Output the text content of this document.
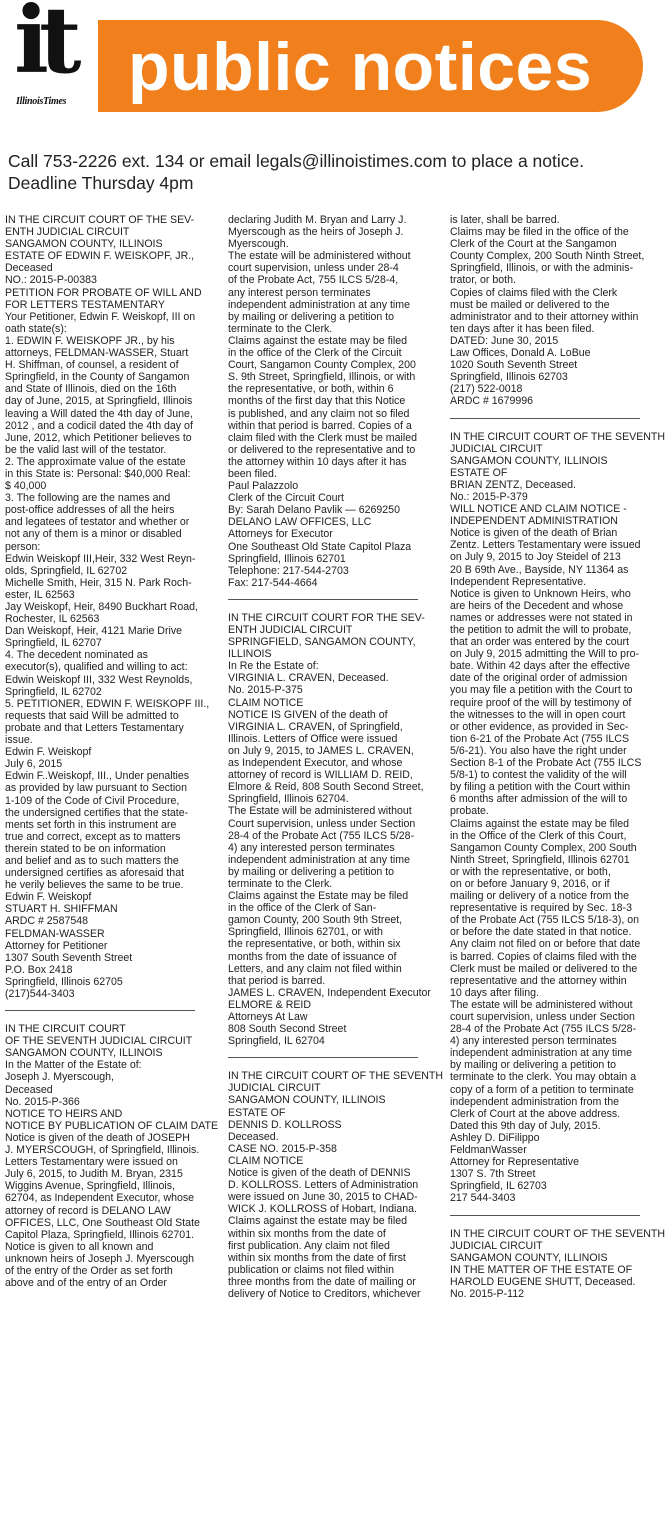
it
IllinoisTimes public notices
Call 753-2226 ext. 134 or email legals@illinoistimes.com to place a notice.
Deadline Thursday 4pm
IN THE CIRCUIT COURT OF THE SEV-
ENTH JUDICIAL CIRCUIT
SANGAMON COUNTY, ILLINOIS
ESTATE OF EDWIN F. WEISKOPF, JR.,
Deceased
NO.: 2015-P-00383
PETITION FOR PROBATE OF WILL AND
FOR LETTERS TESTAMENTARY
Your Petitioner, Edwin F. Weiskopf, III on
oath state(s):
1. EDWIN F. WEISKOPF JR., by his
attorneys, FELDMAN-WASSER, Stuart
H. Shiffman, of counsel, a resident of
Springfield, in the County of Sangamon
and State of Illinois, died on the 16th
day of June, 2015, at Springfield, Illinois
leaving a Will dated the 4th day of June,
2012 , and a codicil dated the 4th day of
June, 2012, which Petitioner believes to
be the valid last will of the testator.
2. The approximate value of the estate
in this State is: Personal: $40,000 Real:
$ 40,000
3. The following are the names and
post-office addresses of all the heirs
and legatees of testator and whether or
not any of them is a minor or disabled
person:
Edwin Weiskopf III,Heir, 332 West Reyn-
olds, Springfield, IL 62702
Michelle Smith, Heir, 315 N. Park Roch-
ester, IL 62563
Jay Weiskopf, Heir, 8490 Buckhart Road,
Rochester, IL 62563
Dan Weiskopf, Heir, 4121 Marie Drive
Springfield, IL 62707
4. The decedent nominated as
executor(s), qualified and willing to act:
Edwin Weiskopf III, 332 West Reynolds,
Springfield, IL 62702
5. PETITIONER, EDWIN F. WEISKOPF III.,
requests that said Will be admitted to
probate and that Letters Testamentary
issue.
Edwin F. Weiskopf
July 6, 2015
Edwin F..Weiskopf, III., Under penalties
as provided by law pursuant to Section
1-109 of the Code of Civil Procedure,
the undersigned certifies that the state-
ments set forth in this instrument are
true and correct, except as to matters
therein stated to be on information
and belief and as to such matters the
undersigned certifies as aforesaid that
he verily believes the same to be true.
Edwin F. Weiskopf
STUART H. SHIFFMAN
ARDC # 2587548
FELDMAN-WASSER
Attorney for Petitioner
1307 South Seventh Street
P.O. Box 2418
Springfield, Illinois 62705
(217)544-3403
IN THE CIRCUIT COURT
OF THE SEVENTH JUDICIAL CIRCUIT
SANGAMON COUNTY, ILLINOIS
In the Matter of the Estate of:
Joseph J. Myerscough,
Deceased
No. 2015-P-366
NOTICE TO HEIRS AND
NOTICE BY PUBLICATION OF CLAIM DATE
Notice is given of the death of JOSEPH
J. MYERSCOUGH, of Springfield, Illinois.
Letters Testamentary were issued on
July 6, 2015, to Judith M. Bryan, 2315
Wiggins Avenue, Springfield, Illinois,
62704, as Independent Executor, whose
attorney of record is DELANO LAW
OFFICES, LLC, One Southeast Old State
Capitol Plaza, Springfield, Illinois 62701.
Notice is given to all known and
unknown heirs of Joseph J. Myerscough
of the entry of the Order as set forth
above and of the entry of an Order
declaring Judith M. Bryan and Larry J.
Myerscough as the heirs of Joseph J.
Myerscough.
The estate will be administered without
court supervision, unless under 28-4
of the Probate Act, 755 ILCS 5/28-4,
any interest person terminates
independent administration at any time
by mailing or delivering a petition to
terminate to the Clerk.
Claims against the estate may be filed
in the office of the Clerk of the Circuit
Court, Sangamon County Complex, 200
S. 9th Street, Springfield, Illinois, or with
the representative, or both, within 6
months of the first day that this Notice
is published, and any claim not so filed
within that period is barred. Copies of a
claim filed with the Clerk must be mailed
or delivered to the representative and to
the attorney within 10 days after it has
been filed.
Paul Palazzolo
Clerk of the Circuit Court
By: Sarah Delano Pavlik — 6269250
DELANO LAW OFFICES, LLC
Attorneys for Executor
One Southeast Old State Capitol Plaza
Springfield, Illinois 62701
Telephone: 217-544-2703
Fax: 217-544-4664
IN THE CIRCUIT COURT FOR THE SEV-
ENTH JUDICIAL CIRCUIT
SPRINGFIELD, SANGAMON COUNTY,
ILLINOIS
In Re the Estate of:
VIRGINIA L. CRAVEN, Deceased.
No. 2015-P-375
CLAIM NOTICE
NOTICE IS GIVEN of the death of
VIRGINIA L. CRAVEN, of Springfield,
Illinois. Letters of Office were issued
on July 9, 2015, to JAMES L. CRAVEN,
as Independent Executor, and whose
attorney of record is WILLIAM D. REID,
Elmore & Reid, 808 South Second Street,
Springfield, Illinois 62704.
The Estate will be administered without
Court supervision, unless under Section
28-4 of the Probate Act (755 ILCS 5/28-
4) any interested person terminates
independent administration at any time
by mailing or delivering a petition to
terminate to the Clerk.
Claims against the Estate may be filed
in the office of the Clerk of San-
gamon County, 200 South 9th Street,
Springfield, Illinois 62701, or with
the representative, or both, within six
months from the date of issuance of
Letters, and any claim not filed within
that period is barred.
JAMES L. CRAVEN, Independent Executor
ELMORE & REID
Attorneys At Law
808 South Second Street
Springfield, IL 62704
IN THE CIRCUIT COURT OF THE SEVENTH
JUDICIAL CIRCUIT
SANGAMON COUNTY, ILLINOIS
ESTATE OF
DENNIS D. KOLLROSS
Deceased.
CASE NO. 2015-P-358
CLAIM NOTICE
Notice is given of the death of DENNIS
D. KOLLROSS. Letters of Administration
were issued on June 30, 2015 to CHAD-
WICK J. KOLLROSS of Hobart, Indiana.
Claims against the estate may be filed
within six months from the date of
first publication. Any claim not filed
within six months from the date of first
publication or claims not filed within
three months from the date of mailing or
delivery of Notice to Creditors, whichever
is later, shall be barred.
Claims may be filed in the office of the
Clerk of the Court at the Sangamon
County Complex, 200 South Ninth Street,
Springfield, Illinois, or with the adminis-
trator, or both.
Copies of claims filed with the Clerk
must be mailed or delivered to the
administrator and to their attorney within
ten days after it has been filed.
DATED: June 30, 2015
Law Offices, Donald A. LoBue
1020 South Seventh Street
Springfield, Illinois 62703
(217) 522-0018
ARDC # 1679996
IN THE CIRCUIT COURT OF THE SEVENTH
JUDICIAL CIRCUIT
SANGAMON COUNTY, ILLINOIS
ESTATE OF
BRIAN ZENTZ, Deceased.
No.: 2015-P-379
WILL NOTICE AND CLAIM NOTICE -
INDEPENDENT ADMINISTRATION
Notice is given of the death of Brian
Zentz. Letters Testamentary were issued
on July 9, 2015 to Joy Steidel of 213
20 B 69th Ave., Bayside, NY 11364 as
Independent Representative.
Notice is given to Unknown Heirs, who
are heirs of the Decedent and whose
names or addresses were not stated in
the petition to admit the will to probate,
that an order was entered by the court
on July 9, 2015 admitting the Will to pro-
bate. Within 42 days after the effective
date of the original order of admission
you may file a petition with the Court to
require proof of the will by testimony of
the witnesses to the will in open court
or other evidence, as provided in Sec-
tion 6-21 of the Probate Act (755 ILCS
5/6-21). You also have the right under
Section 8-1 of the Probate Act (755 ILCS
5/8-1) to contest the validity of the will
by filing a petition with the Court within
6 months after admission of the will to
probate.
Claims against the estate may be filed
in the Office of the Clerk of this Court,
Sangamon County Complex, 200 South
Ninth Street, Springfield, Illinois 62701
or with the representative, or both,
on or before January 9, 2016, or if
mailing or delivery of a notice from the
representative is required by Sec. 18-3
of the Probate Act (755 ILCS 5/18-3), on
or before the date stated in that notice.
Any claim not filed on or before that date
is barred. Copies of claims filed with the
Clerk must be mailed or delivered to the
representative and the attorney within
10 days after filing.
The estate will be administered without
court supervision, unless under Section
28-4 of the Probate Act (755 ILCS 5/28-
4) any interested person terminates
independent administration at any time
by mailing or delivering a petition to
terminate to the clerk. You may obtain a
copy of a form of a petition to terminate
independent administration from the
Clerk of Court at the above address.
Dated this 9th day of July, 2015.
Ashley D. DiFilippo
FeldmanWasser
Attorney for Representative
1307 S. 7th Street
Springfield, IL 62703
217 544-3403
IN THE CIRCUIT COURT OF THE SEVENTH
JUDICIAL CIRCUIT
SANGAMON COUNTY, ILLINOIS
IN THE MATTER OF THE ESTATE OF
HAROLD EUGENE SHUTT, Deceased.
No. 2015-P-112
